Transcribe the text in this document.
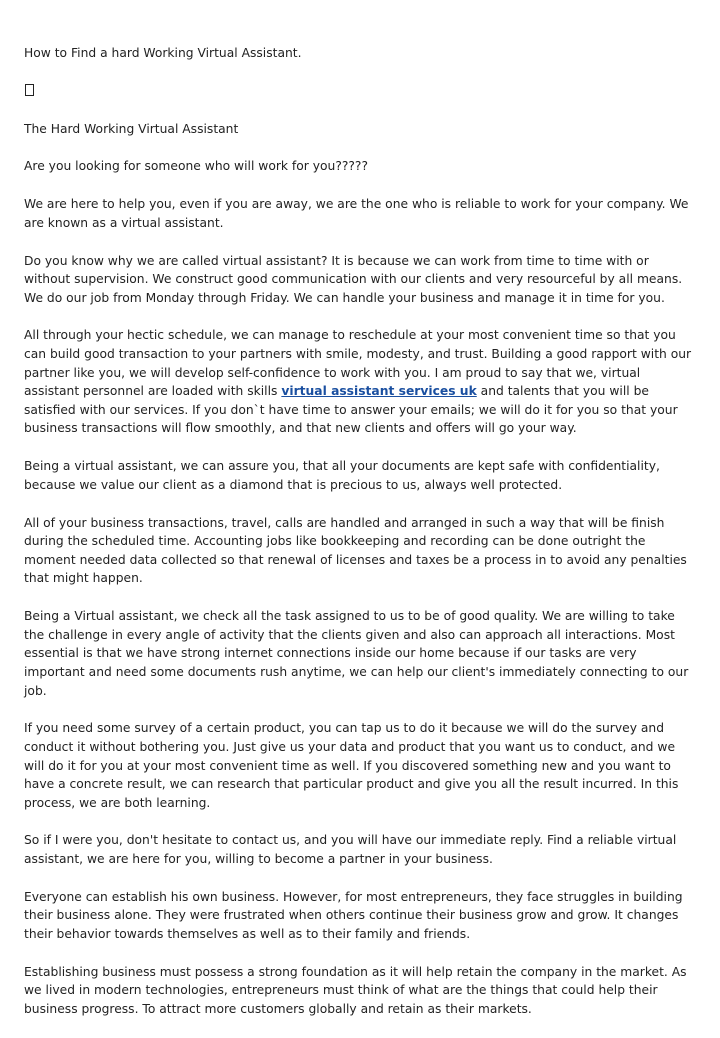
How to Find a hard Working Virtual Assistant.

The Hard Working Virtual Assistant

Are you looking for someone who will work for you?????

We are here to help you, even if you are away, we are the one who is reliable to work for your company. We are known as a virtual assistant.

Do you know why we are called virtual assistant? It is because we can work from time to time with or without supervision. We construct good communication with our clients and very resourceful by all means. We do our job from Monday through Friday. We can handle your business and manage it in time for you.

All through your hectic schedule, we can manage to reschedule at your most convenient time so that you can build good transaction to your partners with smile, modesty, and trust. Building a good rapport with our partner like you, we will develop self-confidence to work with you. I am proud to say that we, virtual assistant personnel are loaded with skills virtual assistant services uk and talents that you will be satisfied with our services. If you don`t have time to answer your emails; we will do it for you so that your business transactions will flow smoothly, and that new clients and offers will go your way.

Being a virtual assistant, we can assure you, that all your documents are kept safe with confidentiality, because we value our client as a diamond that is precious to us, always well protected.

All of your business transactions, travel, calls are handled and arranged in such a way that will be finish during the scheduled time. Accounting jobs like bookkeeping and recording can be done outright the moment needed data collected so that renewal of licenses and taxes be a process in to avoid any penalties that might happen.

Being a Virtual assistant, we check all the task assigned to us to be of good quality. We are willing to take the challenge in every angle of activity that the clients given and also can approach all interactions. Most essential is that we have strong internet connections inside our home because if our tasks are very important and need some documents rush anytime, we can help our client's immediately connecting to our job.

If you need some survey of a certain product, you can tap us to do it because we will do the survey and conduct it without bothering you. Just give us your data and product that you want us to conduct, and we will do it for you at your most convenient time as well. If you discovered something new and you want to have a concrete result, we can research that particular product and give you all the result incurred. In this process, we are both learning.

So if I were you, don't hesitate to contact us, and you will have our immediate reply. Find a reliable virtual assistant, we are here for you, willing to become a partner in your business.

Everyone can establish his own business. However, for most entrepreneurs, they face struggles in building their business alone. They were frustrated when others continue their business grow and grow. It changes their behavior towards themselves as well as to their family and friends.

Establishing business must possess a strong foundation as it will help retain the company in the market. As we lived in modern technologies, entrepreneurs must think of what are the things that could help their business progress. To attract more customers globally and retain as their markets.
